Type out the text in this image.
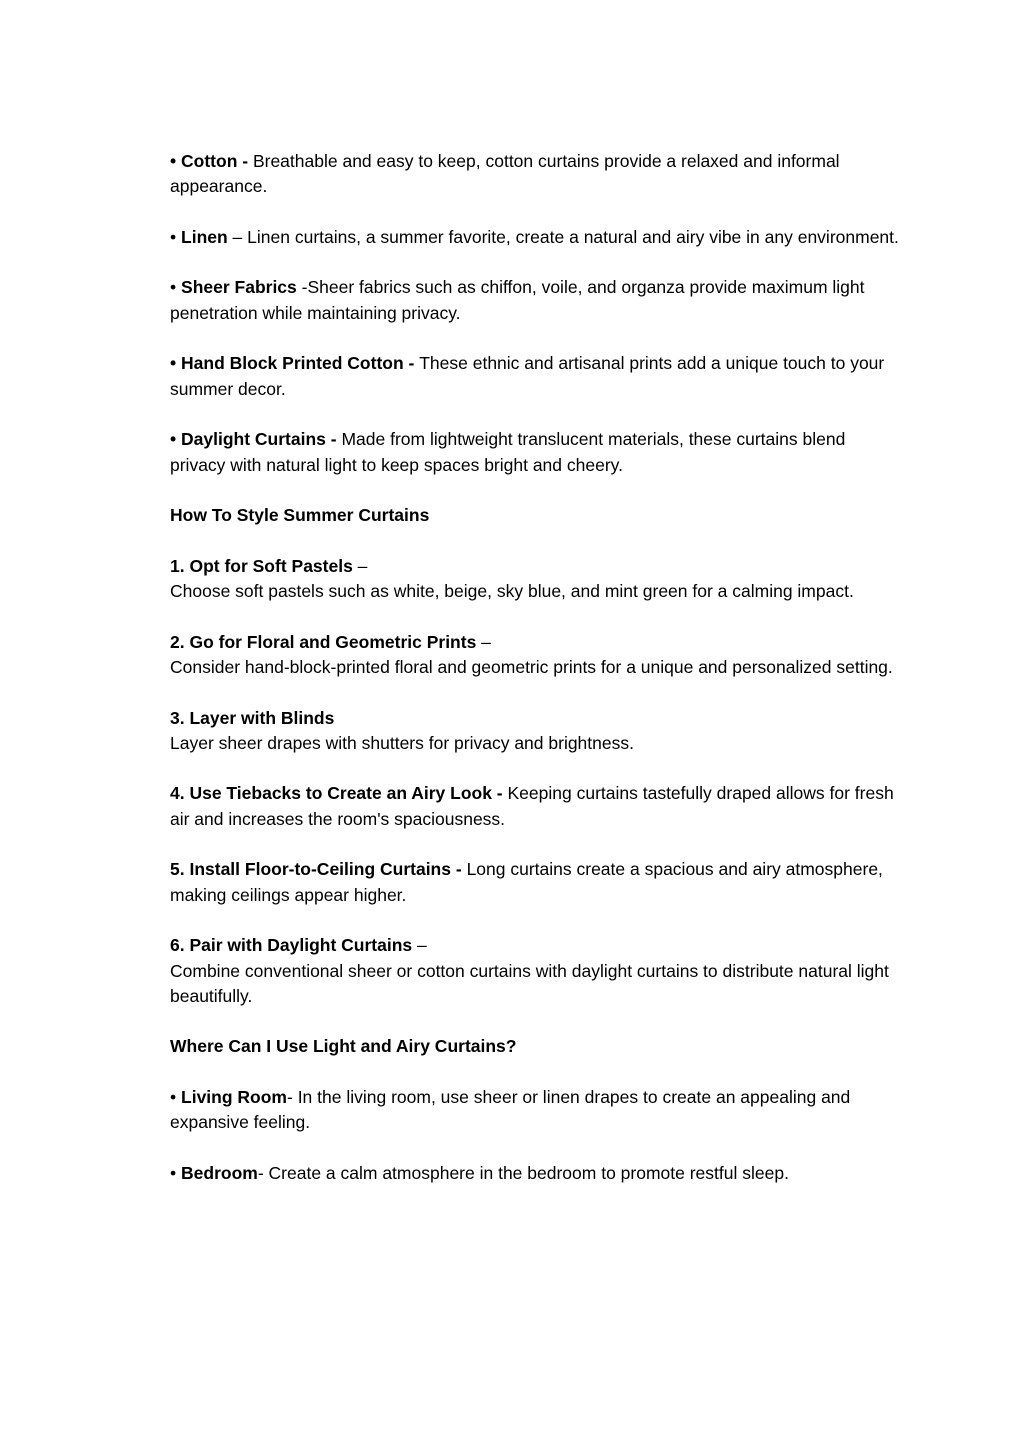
• Cotton - Breathable and easy to keep, cotton curtains provide a relaxed and informal appearance.

• Linen – Linen curtains, a summer favorite, create a natural and airy vibe in any environment.

• Sheer Fabrics -Sheer fabrics such as chiffon, voile, and organza provide maximum light penetration while maintaining privacy.

• Hand Block Printed Cotton - These ethnic and artisanal prints add a unique touch to your summer decor.

• Daylight Curtains - Made from lightweight translucent materials, these curtains blend privacy with natural light to keep spaces bright and cheery.

How To Style Summer Curtains

1. Opt for Soft Pastels –
Choose soft pastels such as white, beige, sky blue, and mint green for a calming impact.

2. Go for Floral and Geometric Prints –
Consider hand-block-printed floral and geometric prints for a unique and personalized setting.

3. Layer with Blinds
Layer sheer drapes with shutters for privacy and brightness.

4. Use Tiebacks to Create an Airy Look - Keeping curtains tastefully draped allows for fresh air and increases the room's spaciousness.

5. Install Floor-to-Ceiling Curtains - Long curtains create a spacious and airy atmosphere, making ceilings appear higher.

6. Pair with Daylight Curtains –
Combine conventional sheer or cotton curtains with daylight curtains to distribute natural light beautifully.

Where Can I Use Light and Airy Curtains?

• Living Room- In the living room, use sheer or linen drapes to create an appealing and expansive feeling.

• Bedroom- Create a calm atmosphere in the bedroom to promote restful sleep.
